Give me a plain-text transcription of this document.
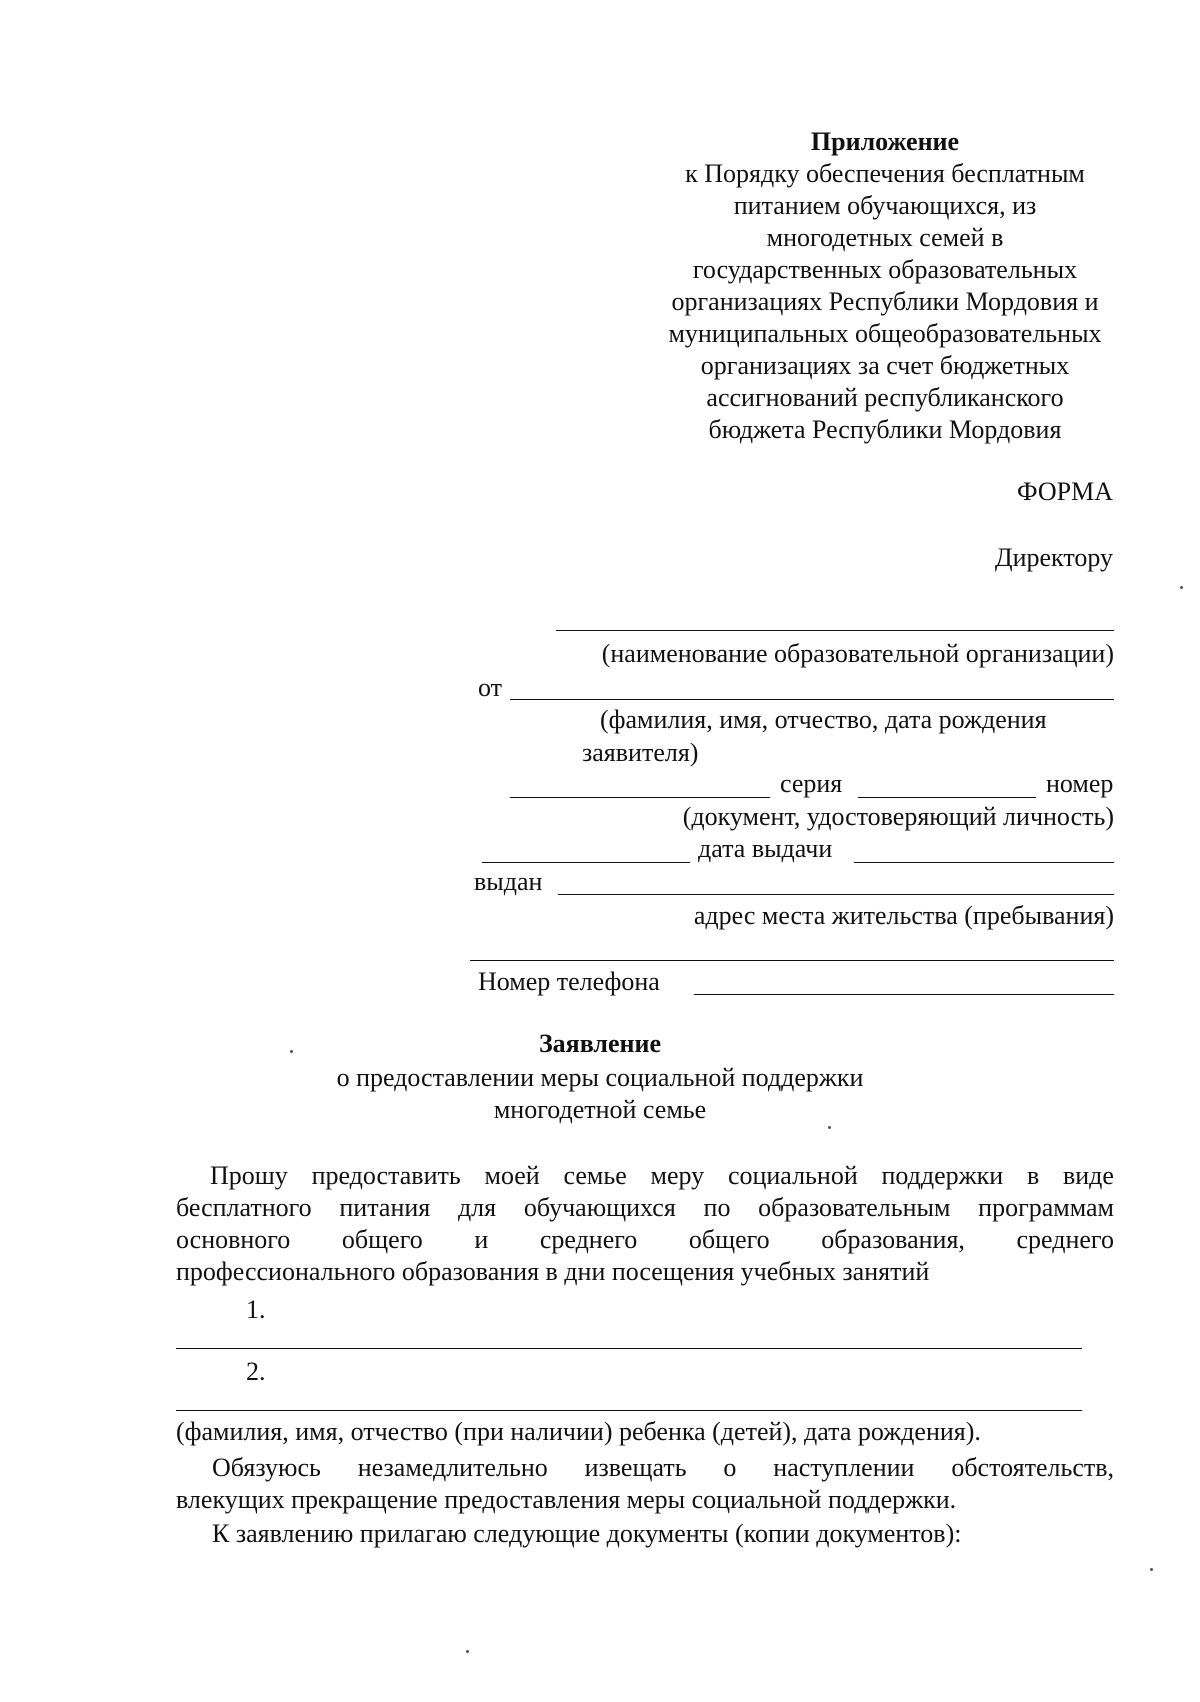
Приложение
к Порядку обеспечения бесплатным
питанием обучающихся, из
многодетных семей в
государственных образовательных
организациях Республики Мордовия и
муниципальных общеобразовательных
организациях за счет бюджетных
ассигнований республиканского
бюджета Республики Мордовия
ФОРМА
Директору
(наименование образовательной организации)
от
(фамилия, имя, отчество, дата рождения
заявителя)
серия	номер
(документ, удостоверяющий личность)
дата выдачи
выдан
адрес места жительства (пребывания)
Номер телефона
Заявление
о предоставлении меры социальной поддержки
многодетной семье
Прошу предоставить моей семье меру социальной поддержки в виде
бесплатного питания для обучающихся по образовательным программам
основного общего и среднего общего образования, среднего
профессионального образования в дни посещения учебных занятий
1.
2.
(фамилия, имя, отчество (при наличии) ребенка (детей), дата рождения).
Обязуюсь незамедлительно извещать о наступлении обстоятельств,
влекущих прекращение предоставления меры социальной поддержки.
К заявлению прилагаю следующие документы (копии документов):
